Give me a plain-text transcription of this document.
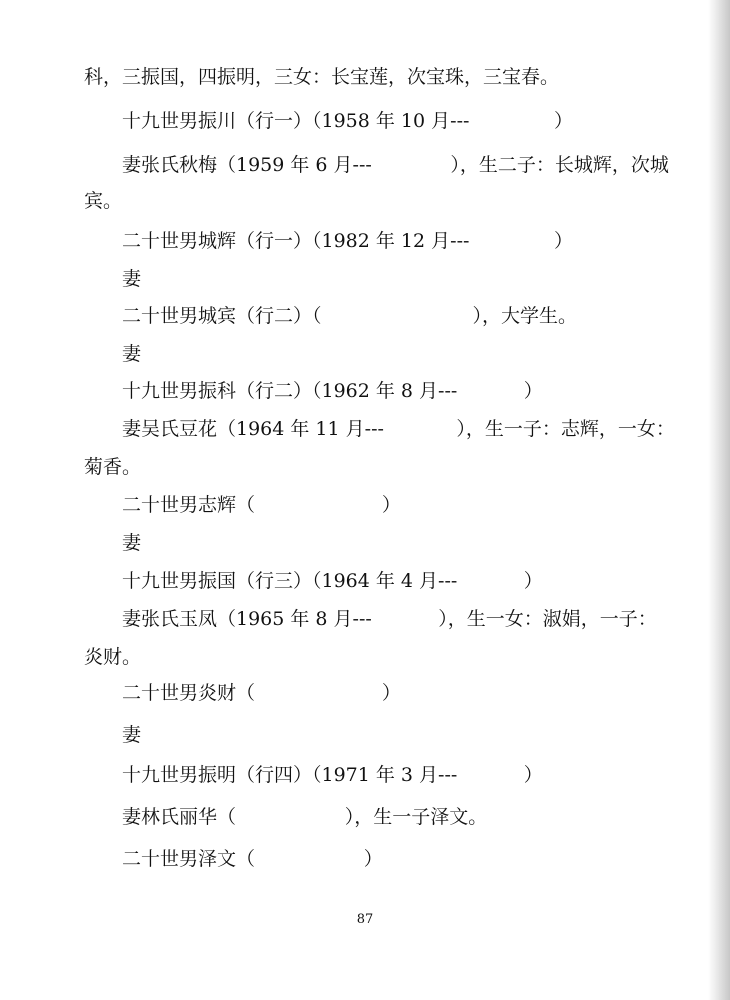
科，三振国，四振明，三女：长宝莲，次宝珠，三宝春。
十九世男振川（行一）（1958 年 10 月---              ）
妻张氏秋梅（1959 年 6 月---             ），生二子：长城辉，次城
宾。
二十世男城辉（行一）（1982 年 12 月---              ）
妻
二十世男城宾（行二）（                         ），大学生。
妻
十九世男振科（行二）（1962 年 8 月---           ）
妻吴氏豆花（1964 年 11 月---            ），生一子：志辉，一女：
菊香。
二十世男志辉（                     ）
妻
十九世男振国（行三）（1964 年 4 月---           ）
妻张氏玉凤（1965 年 8 月---           ），生一女：淑娟，一子：
炎财。
二十世男炎财（                     ）
妻
十九世男振明（行四）（1971 年 3 月---           ）
妻林氏丽华（                  ），生一子泽文。
二十世男泽文（                  ）
87
